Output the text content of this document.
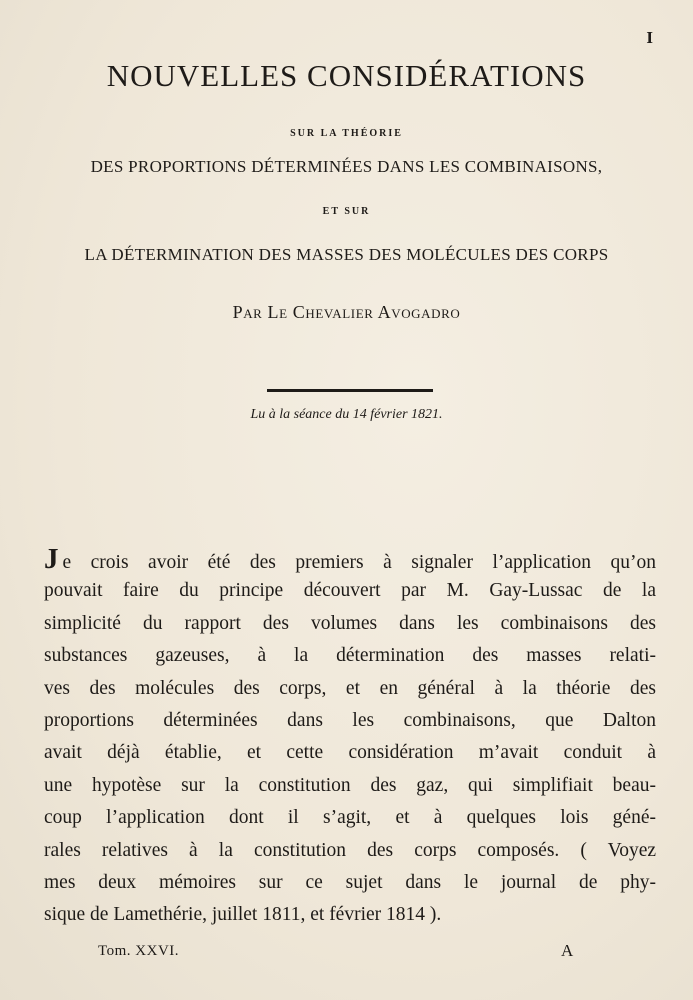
I
NOUVELLES CONSIDÉRATIONS
SUR LA THÉORIE
DES PROPORTIONS DÉTERMINÉES DANS LES COMBINAISONS,
ET SUR
LA DÉTERMINATION DES MASSES DES MOLÉCULES DES CORPS
Par Le Chevalier Avogadro
Lu à la séance du 14 février 1821.
J e crois avoir été des premiers à signaler l’application qu’on
pouvait faire du principe découvert par M. Gay-Lussac de la
simplicité du rapport des volumes dans les combinaisons des
substances gazeuses, à la détermination des masses relati-
ves des molécules des corps, et en général à la théorie des
proportions déterminées dans les combinaisons, que Dalton
avait déjà établie, et cette considération m’avait conduit à
une hypotèse sur la constitution des gaz, qui simplifiait beau-
coup l’application dont il s’agit, et à quelques lois géné-
rales relatives à la constitution des corps composés. ( Voyez
mes deux mémoires sur ce sujet dans le journal de phy-
sique de Lamethérie, juillet 1811, et février 1814 ).
Tom. XXVI.	A
